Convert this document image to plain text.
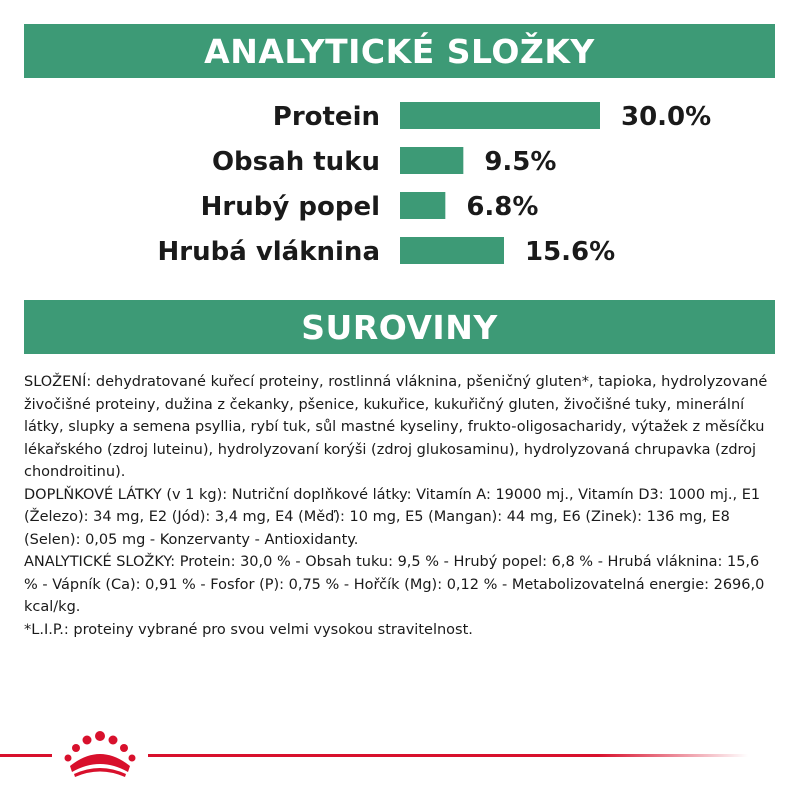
ANALYTICKÉ SLOŽKY
Protein	30.0%
Obsah tuku	9.5%
Hrubý popel	6.8%
Hrubá vláknina	15.6%
SUROVINY

SLOŽENÍ: dehydratované kuřecí proteiny, rostlinná vláknina, pšeničný gluten*, tapioka, hydrolyzované živočišné proteiny, dužina z čekanky, pšenice, kukuřice, kukuřičný gluten, živočišné tuky, minerální látky, slupky a semena psyllia, rybí tuk, sůl mastné kyseliny, frukto-oligosacharidy, výtažek z měsíčku lékařského (zdroj luteinu), hydrolyzovaní korýši (zdroj glukosaminu), hydrolyzovaná chrupavka (zdroj chondroitinu).

DOPLŇKOVÉ LÁTKY (v 1 kg): Nutriční doplňkové látky: Vitamín A: 19000 mj., Vitamín D3: 1000 mj., E1 (Železo): 34 mg, E2 (Jód): 3,4 mg, E4 (Měď): 10 mg, E5 (Mangan): 44 mg, E6 (Zinek): 136 mg, E8 (Selen): 0,05 mg - Konzervanty - Antioxidanty.

ANALYTICKÉ SLOŽKY: Protein: 30,0 % - Obsah tuku: 9,5 % - Hrubý popel: 6,8 % - Hrubá vláknina: 15,6 % - Vápník (Ca): 0,91 % - Fosfor (P): 0,75 % - Hořčík (Mg): 0,12 % - Metabolizovatelná energie: 2696,0 kcal/kg.

*L.I.P.: proteiny vybrané pro svou velmi vysokou stravitelnost.
